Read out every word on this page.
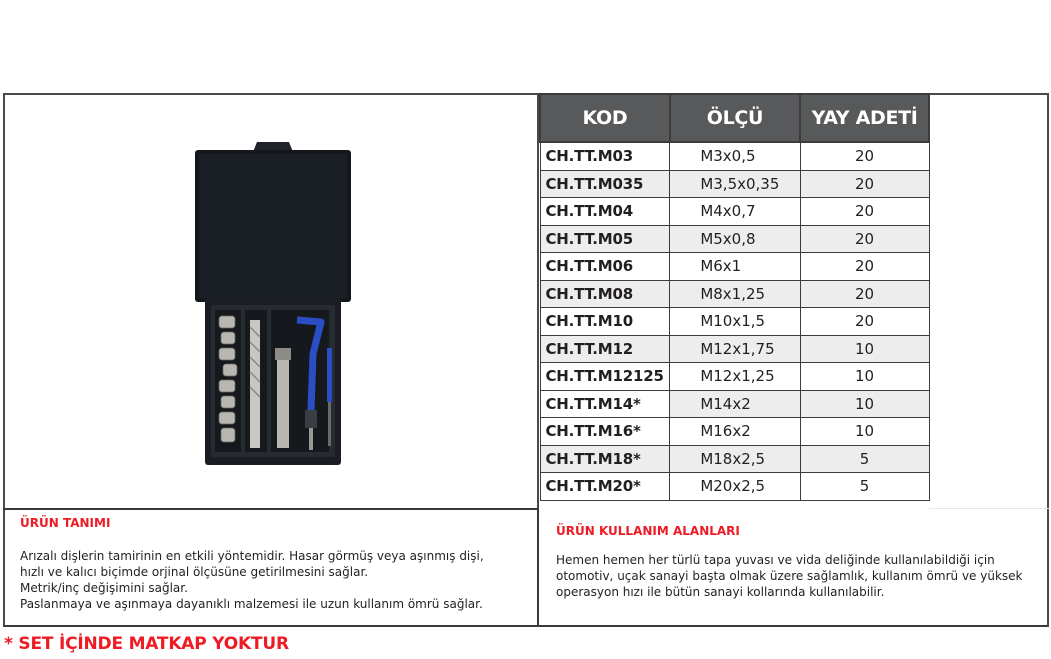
KOD	ÖLÇÜ	YAY ADETİ
CH.TT.M03	M3x0,5	20
CH.TT.M035	M3,5x0,35	20
CH.TT.M04	M4x0,7	20
CH.TT.M05	M5x0,8	20
CH.TT.M06	M6x1	20
CH.TT.M08	M8x1,25	20
CH.TT.M10	M10x1,5	20
CH.TT.M12	M12x1,75	10
CH.TT.M12125	M12x1,25	10
CH.TT.M14*	M14x2	10
CH.TT.M16*	M16x2	10
CH.TT.M18*	M18x2,5	5
CH.TT.M20*	M20x2,5	5
ÜRÜN TANIMI

Arızalı dişlerin tamirinin en etkili yöntemidir. Hasar görmüş veya aşınmış dişi,
hızlı ve kalıcı biçimde orjinal ölçüsüne getirilmesini sağlar.
Metrik/inç değişimini sağlar.
Paslanmaya ve aşınmaya dayanıklı malzemesi ile uzun kullanım ömrü sağlar.

ÜRÜN KULLANIM ALANLARI

Hemen hemen her türlü tapa yuvası ve vida deliğinde kullanılabildiği için
otomotiv, uçak sanayi başta olmak üzere sağlamlık, kullanım ömrü ve yüksek
operasyon hızı ile bütün sanayi kollarında kullanılabilir.

* SET İÇİNDE MATKAP YOKTUR
